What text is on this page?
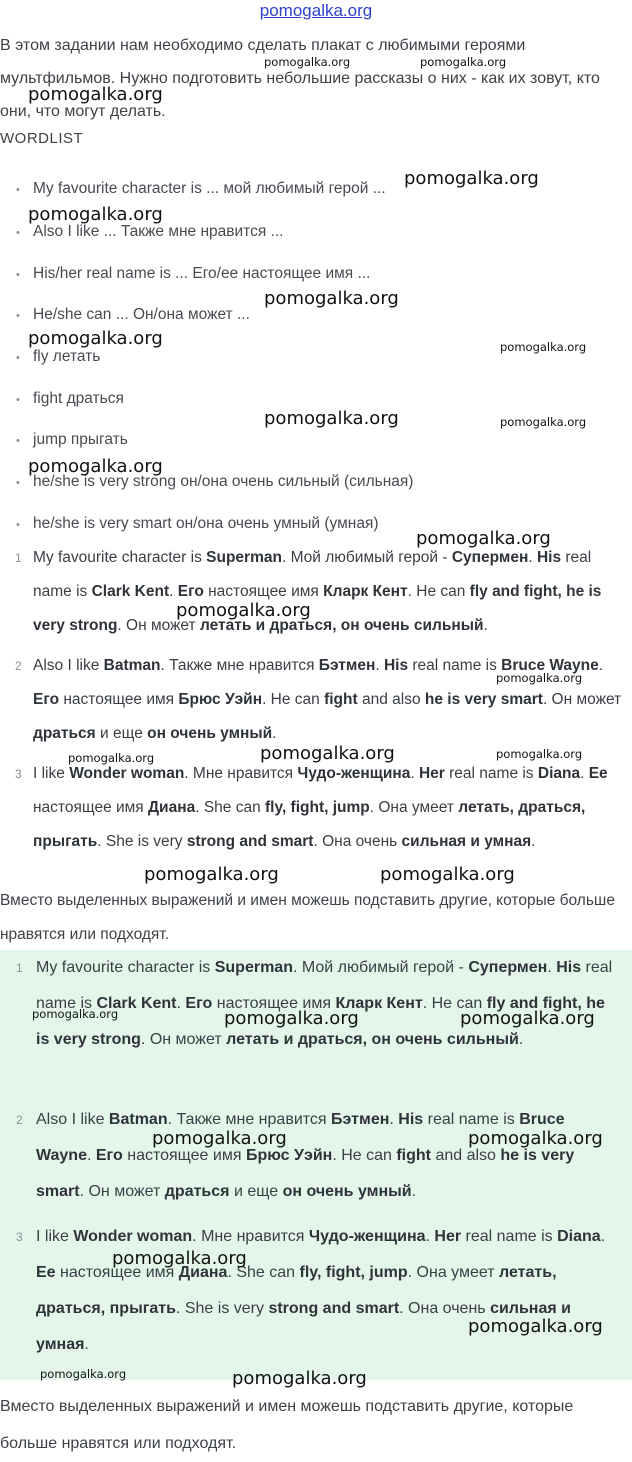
pomogalka.org
В этом задании нам необходимо сделать плакат с любимыми героями мультфильмов. Нужно подготовить небольшие рассказы о них - как их зовут, кто они, что могут делать.
WORDLIST
• My favourite character is ... мой любимый герой ...
• Also I like ... Также мне нравится ...
• His/her real name is ... Его/ее настоящее имя ...
• He/she can ... Он/она может ...
• fly летать
• fight драться
• jump прыгать
• he/she is very strong он/она очень сильный (сильная)
• he/she is very smart он/она очень умный (умная)
1 My favourite character is Superman. Мой любимый герой - Супермен. His real name is Clark Kent. Его настоящее имя Кларк Кент. He can fly and fight, he is very strong. Он может летать и драться, он очень сильный.
2 Also I like Batman. Также мне нравится Бэтмен. His real name is Bruce Wayne. Его настоящее имя Брюс Уэйн. He can fight and also he is very smart. Он может драться и еще он очень умный.
3 I like Wonder woman. Мне нравится Чудо-женщина. Her real name is Diana. Ее настоящее имя Диана. She can fly, fight, jump. Она умеет летать, драться, прыгать. She is very strong and smart. Она очень сильная и умная.
Вместо выделенных выражений и имен можешь подставить другие, которые больше нравятся или подходят.
1 My favourite character is Superman. Мой любимый герой - Супермен. His real name is Clark Kent. Его настоящее имя Кларк Кент. He can fly and fight, he is very strong. Он может летать и драться, он очень сильный.
2 Also I like Batman. Также мне нравится Бэтмен. His real name is Bruce Wayne. Его настоящее имя Брюс Уэйн. He can fight and also he is very smart. Он может драться и еще он очень умный.
3 I like Wonder woman. Мне нравится Чудо-женщина. Her real name is Diana. Ее настоящее имя Диана. She can fly, fight, jump. Она умеет летать, драться, прыгать. She is very strong and smart. Она очень сильная и умная.
Вместо выделенных выражений и имен можешь подставить другие, которые больше нравятся или подходят.
pomogalka.org	pomogalka.org
pomogalka.org
pomogalka.org
pomogalka.org
pomogalka.org
pomogalka.org	pomogalka.org
pomogalka.org	pomogalka.org
pomogalka.org
pomogalka.org
pomogalka.org
pomogalka.org
pomogalka.org	pomogalka.org	pomogalka.org
pomogalka.org	pomogalka.org
pomogalka.org	pomogalka.org	pomogalka.org
pomogalka.org	pomogalka.org
pomogalka.org
pomogalka.org
pomogalka.org	pomogalka.org
